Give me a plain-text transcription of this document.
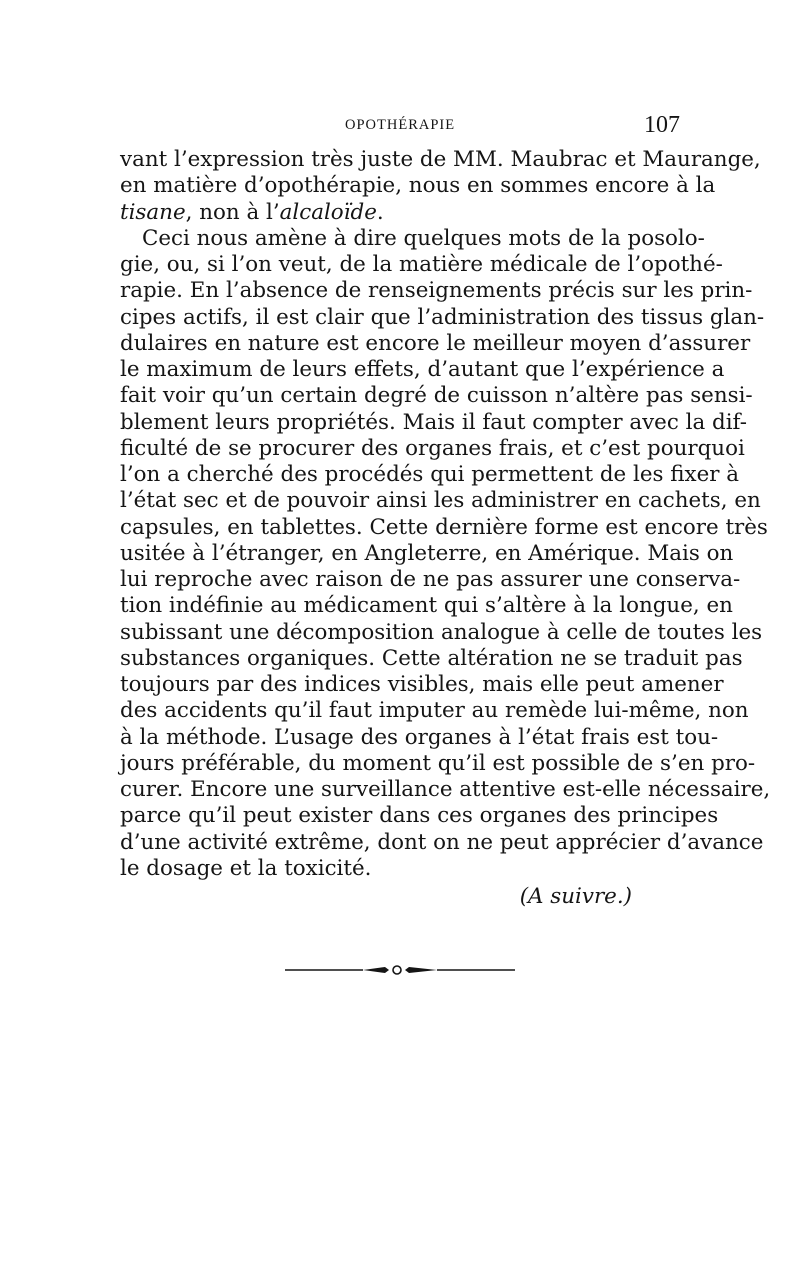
OPOTHÉRAPIE	107
vant l’expression très juste de MM. Maubrac et Maurange,
en matière d’opothérapie, nous en sommes encore à la
tisane, non à l’alcaloïde.
Ceci nous amène à dire quelques mots de la posolo-
gie, ou, si l’on veut, de la matière médicale de l’opothé-
rapie. En l’absence de renseignements précis sur les prin-
cipes actifs, il est clair que l’administration des tissus glan-
dulaires en nature est encore le meilleur moyen d’assurer
le maximum de leurs effets, d’autant que l’expérience a
fait voir qu’un certain degré de cuisson n’altère pas sensi-
blement leurs propriétés. Mais il faut compter avec la dif-
ficulté de se procurer des organes frais, et c’est pourquoi
l’on a cherché des procédés qui permettent de les fixer à
l’état sec et de pouvoir ainsi les administrer en cachets, en
capsules, en tablettes. Cette dernière forme est encore très
usitée à l’étranger, en Angleterre, en Amérique. Mais on
lui reproche avec raison de ne pas assurer une conserva-
tion indéfinie au médicament qui s’altère à la longue, en
subissant une décomposition analogue à celle de toutes les
substances organiques. Cette altération ne se traduit pas
toujours par des indices visibles, mais elle peut amener
des accidents qu’il faut imputer au remède lui-même, non
à la méthode. L’usage des organes à l’état frais est tou-
jours préférable, du moment qu’il est possible de s’en pro-
curer. Encore une surveillance attentive est-elle nécessaire,
parce qu’il peut exister dans ces organes des principes
d’une activité extrême, dont on ne peut apprécier d’avance
le dosage et la toxicité.
(A suivre.)
